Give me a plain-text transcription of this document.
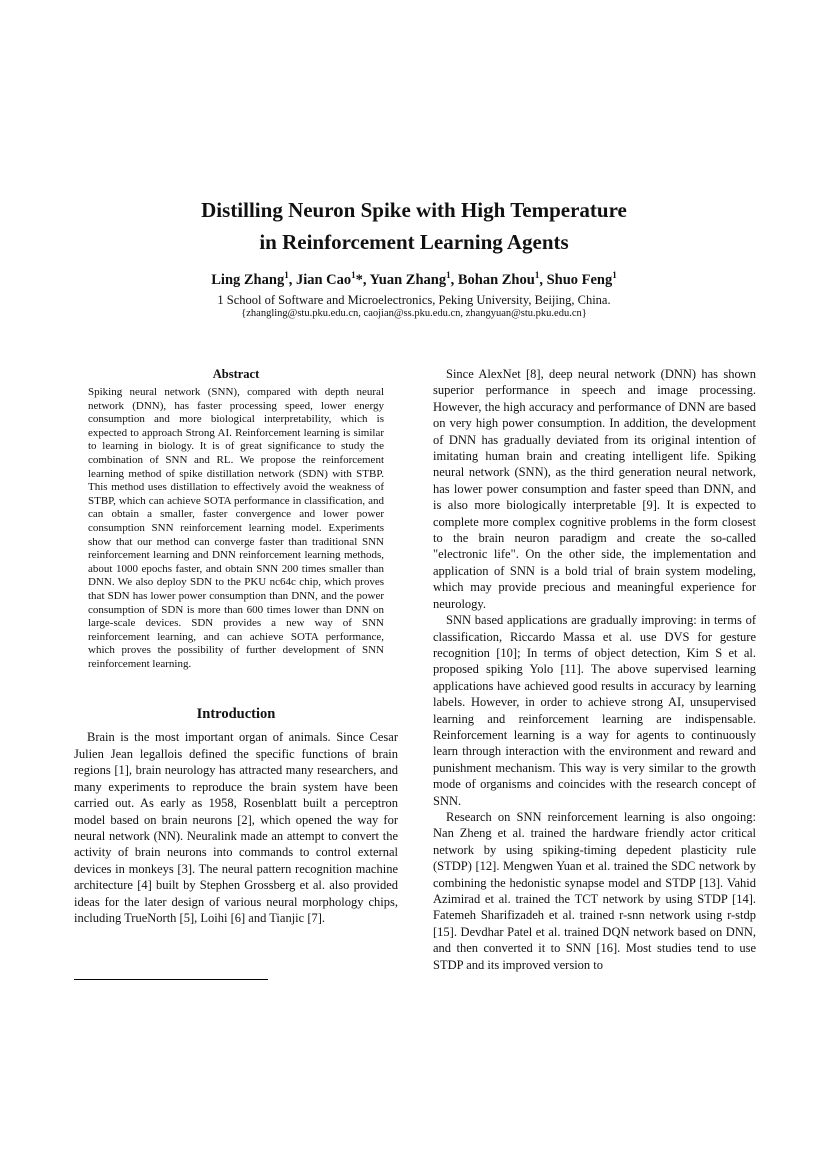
Distilling Neuron Spike with High Temperature
in Reinforcement Learning Agents
Ling Zhang$^1$, Jian Cao$^1$*, Yuan Zhang$^1$, Bohan Zhou$^1$, Shuo Feng$^1$
1 School of Software and Microelectronics, Peking University, Beijing, China.
{zhangling@stu.pku.edu.cn, caojian@ss.pku.edu.cn, zhangyuan@stu.pku.edu.cn}
Abstract

Spiking neural network (SNN), compared with depth neural network (DNN), has faster processing speed, lower energy consumption and more biological interpretability, which is expected to approach Strong AI. Reinforcement learning is similar to learning in biology. It is of great significance to study the combination of SNN and RL. We propose the reinforcement learning method of spike distillation network (SDN) with STBP. This method uses distillation to effectively avoid the weakness of STBP, which can achieve SOTA performance in classification, and can obtain a smaller, faster convergence and lower power consumption SNN reinforcement learning model. Experiments show that our method can converge faster than traditional SNN reinforcement learning and DNN reinforcement learning methods, about 1000 epochs faster, and obtain SNN 200 times smaller than DNN. We also deploy SDN to the PKU nc64c chip, which proves that SDN has lower power consumption than DNN, and the power consumption of SDN is more than 600 times lower than DNN on large-scale devices. SDN provides a new way of SNN reinforcement learning, and can achieve SOTA performance, which proves the possibility of further development of SNN reinforcement learning.

Introduction

Brain is the most important organ of animals. Since Cesar Julien Jean legallois defined the specific functions of brain regions [1], brain neurology has attracted many researchers, and many experiments to reproduce the brain system have been carried out. As early as 1958, Rosenblatt built a perceptron model based on brain neurons [2], which opened the way for neural network (NN). Neuralink made an attempt to convert the activity of brain neurons into commands to control external devices in monkeys [3]. The neural pattern recognition machine architecture [4] built by Stephen Grossberg et al. also provided ideas for the later design of various neural morphology chips, including TrueNorth [5], Loihi [6] and Tianjic [7].

Since AlexNet [8], deep neural network (DNN) has shown superior performance in speech and image processing. However, the high accuracy and performance of DNN are based on very high power consumption. In addition, the development of DNN has gradually deviated from its original intention of imitating human brain and creating intelligent life. Spiking neural network (SNN), as the third generation neural network, has lower power consumption and faster speed than DNN, and is also more biologically interpretable [9]. It is expected to complete more complex cognitive problems in the form closest to the brain neuron paradigm and create the so-called "electronic life". On the other side, the implementation and application of SNN is a bold trial of brain system modeling, which may provide precious and meaningful experience for neurology.

SNN based applications are gradually improving: in terms of classification, Riccardo Massa et al. use DVS for gesture recognition [10]; In terms of object detection, Kim S et al. proposed spiking Yolo [11]. The above supervised learning applications have achieved good results in accuracy by learning labels. However, in order to achieve strong AI, unsupervised learning and reinforcement learning are indispensable. Reinforcement learning is a way for agents to continuously learn through interaction with the environment and reward and punishment mechanism. This way is very similar to the growth mode of organisms and coincides with the research concept of SNN.

Research on SNN reinforcement learning is also ongoing: Nan Zheng et al. trained the hardware friendly actor critical network by using spiking-timing depedent plasticity rule (STDP) [12]. Mengwen Yuan et al. trained the SDC network by combining the hedonistic synapse model and STDP [13]. Vahid Azimirad et al. trained the TCT network by using STDP [14]. Fatemeh Sharifizadeh et al. trained r-snn network using r-stdp [15]. Devdhar Patel et al. trained DQN network based on DNN, and then converted it to SNN [16]. Most studies tend to use STDP and its improved version to
